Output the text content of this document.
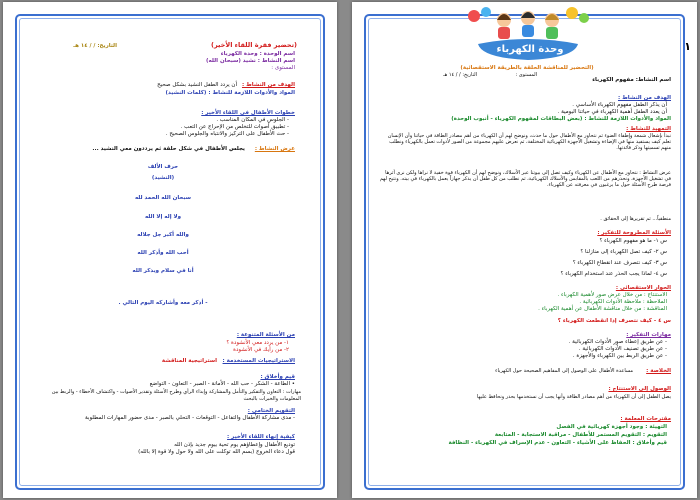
(تحضير فقرة اللقاء الأخير)
التاريخ: / / ١٤ هـ
اسم الوحدة : وحدة الكهرباء
اسم النشاط : نشيد (سبحان الله)
المستوى :
الهدف من النشاط :
أن يردد الطفل النشيد بشكل صحيح
المواد والأدوات اللازمة للنشاط : (كلمات النشيد)
خطوات الأطفال في اللقاء الأخير :
- الجلوس في المكان المناسب .
- تطبيق أصوات للتخلص من الإحراج عن التعب .
- حث الأطفال على التركيز والانتباه والجلوس الصحيح .
عرض النشاط :
يجلس الأطفال في شكل حلقة ثم يرددون معي النشيد ...
حرف الألف
(النشيد)
سبحان الله الحمد لله
ولا إله إلا الله
والله أكبر جل جلاله
أحب الله وأذكر الله
أنا في سلام وبذكر الله
- أذكر معه وأشاركه اليوم التالي .
من الأسئلة المتنوعة :
١- من يردد معي الأنشودة ؟
٢- من رأيك في الأنشودة
الاستراتيجيات المستخدمة :
استراتيجية المناقشة
قيم وأخلاق :
• الطاعة - الشكر - حب الله - الأمانة - الصبر - التعاون - التواضع
مهارات : التعاون والتفكير والتأمل والمشاركة وإبداء الرأي وطرح الأسئلة وتقدير الأصوات - واكتشاف الأخطاء - والربط بين المعلومات والخبرات بالبحث
التقويم الختامي :
- مدى مشاركة الأطفال والتفاعل - التوقعات - التحلي بالصبر - مدى حضور المهارات المطلوبة
كيفية إنهاء اللقاء الأخير :
توديع الأطفال وإعطاؤهم يوم تحية بيوم جديد بإذن الله
قول دعاء الخروج (بسم الله توكلت على الله ولا حول ولا قوة إلا بالله)
١
وحدة الكهرباء
(التحضير للمناقشة الحلقة بالطريقة الاستقصائية)
التاريخ: / / ١٤ هـ	المستوى :
اسم النشاط: مفهوم الكهرباء
الهدف من النشاط :
أن يذكر الطفل مفهوم الكهرباء الأساسي .
أن يعدد الطفل أهمية الكهرباء في حياتنا اليومية .
المواد والأدوات اللازمة للنشاط : (بعض البطاقات لمفهوم الكهرباء - أنبوب الوحدة)
التمهيد للنشاط :
نبدأ بإشعال شمعة وإطفاء الضوء ثم نتحاور مع الأطفال حول ما حدث، ونوضح لهم أن الكهرباء من أهم مصادر الطاقة في حياتنا وأن الإنسان تعلم كيف يستفيد منها في الإضاءة وتشغيل الأجهزة الكهربائية المختلفة، ثم نعرض عليهم مجموعة من الصور لأدوات تعمل بالكهرباء ونطلب منهم تسميتها وذكر فائدتها.
عرض النشاط : نتحاور مع الأطفال عن الكهرباء وكيف تصل إلى بيوتنا عبر الأسلاك، ونوضح لهم أن الكهرباء قوة خفية لا نراها ولكن نرى أثرها في تشغيل الأجهزة، ونحذرهم من اللعب بالمقابس والأسلاك الكهربائية، ثم نطلب من كل طفل أن يذكر جهازاً يعمل بالكهرباء في بيته. ونتيح لهم فرصة طرح الأسئلة حول ما يرغبون في معرفته عن الكهرباء.
منطقياً... ثم تقريرها إلى الحقائق .
الأسئلة المطروحة للتفكير :
س ١- ما هو مفهوم الكهرباء ؟
س ٢- كيف تصل الكهرباء إلى منازلنا ؟
س ٣- كيف نتصرف عند انقطاع الكهرباء ؟
س ٤- لماذا يجب الحذر عند استخدام الكهرباء ؟
الحوار الاستقصائي :
الاستنتاج : من خلال عرض صور لأهمية الكهرباء .
الملاحظة : ملاحظة الأدوات الكهربائية .
المناقشة : من خلال مناقشة الأطفال عن أهمية الكهرباء .
س ٤ - كيف نتصرف إذا انقطعت الكهرباء ؟
مهارات التفكير :
- عن طريق إعطاء صور الأدوات الكهربائية .
- عن طريق تصنيف الأدوات الكهربائية .
- عن طريق الربط بين الكهرباء والأجهزة .
الخلاصة :
مساعدة الأطفال على الوصول إلى المفاهيم الصحيحة حول الكهرباء
الوصول إلى الاستنتاج :
يصل الطفل إلى أن الكهرباء من أهم مصادر الطاقة وأنها يجب أن نستخدمها بحذر ونحافظ عليها
مقترحات المعلمة :
التهيئة : وجود أجهزة كهربائية في الفصل
التقويم : التقويم المستمر للأطفال - مراقبة الاستجابة - المتابعة
قيم وأخلاق : الحفاظ على الأشياء - التعاون - عدم الإسراف في الكهرباء - النظافة
